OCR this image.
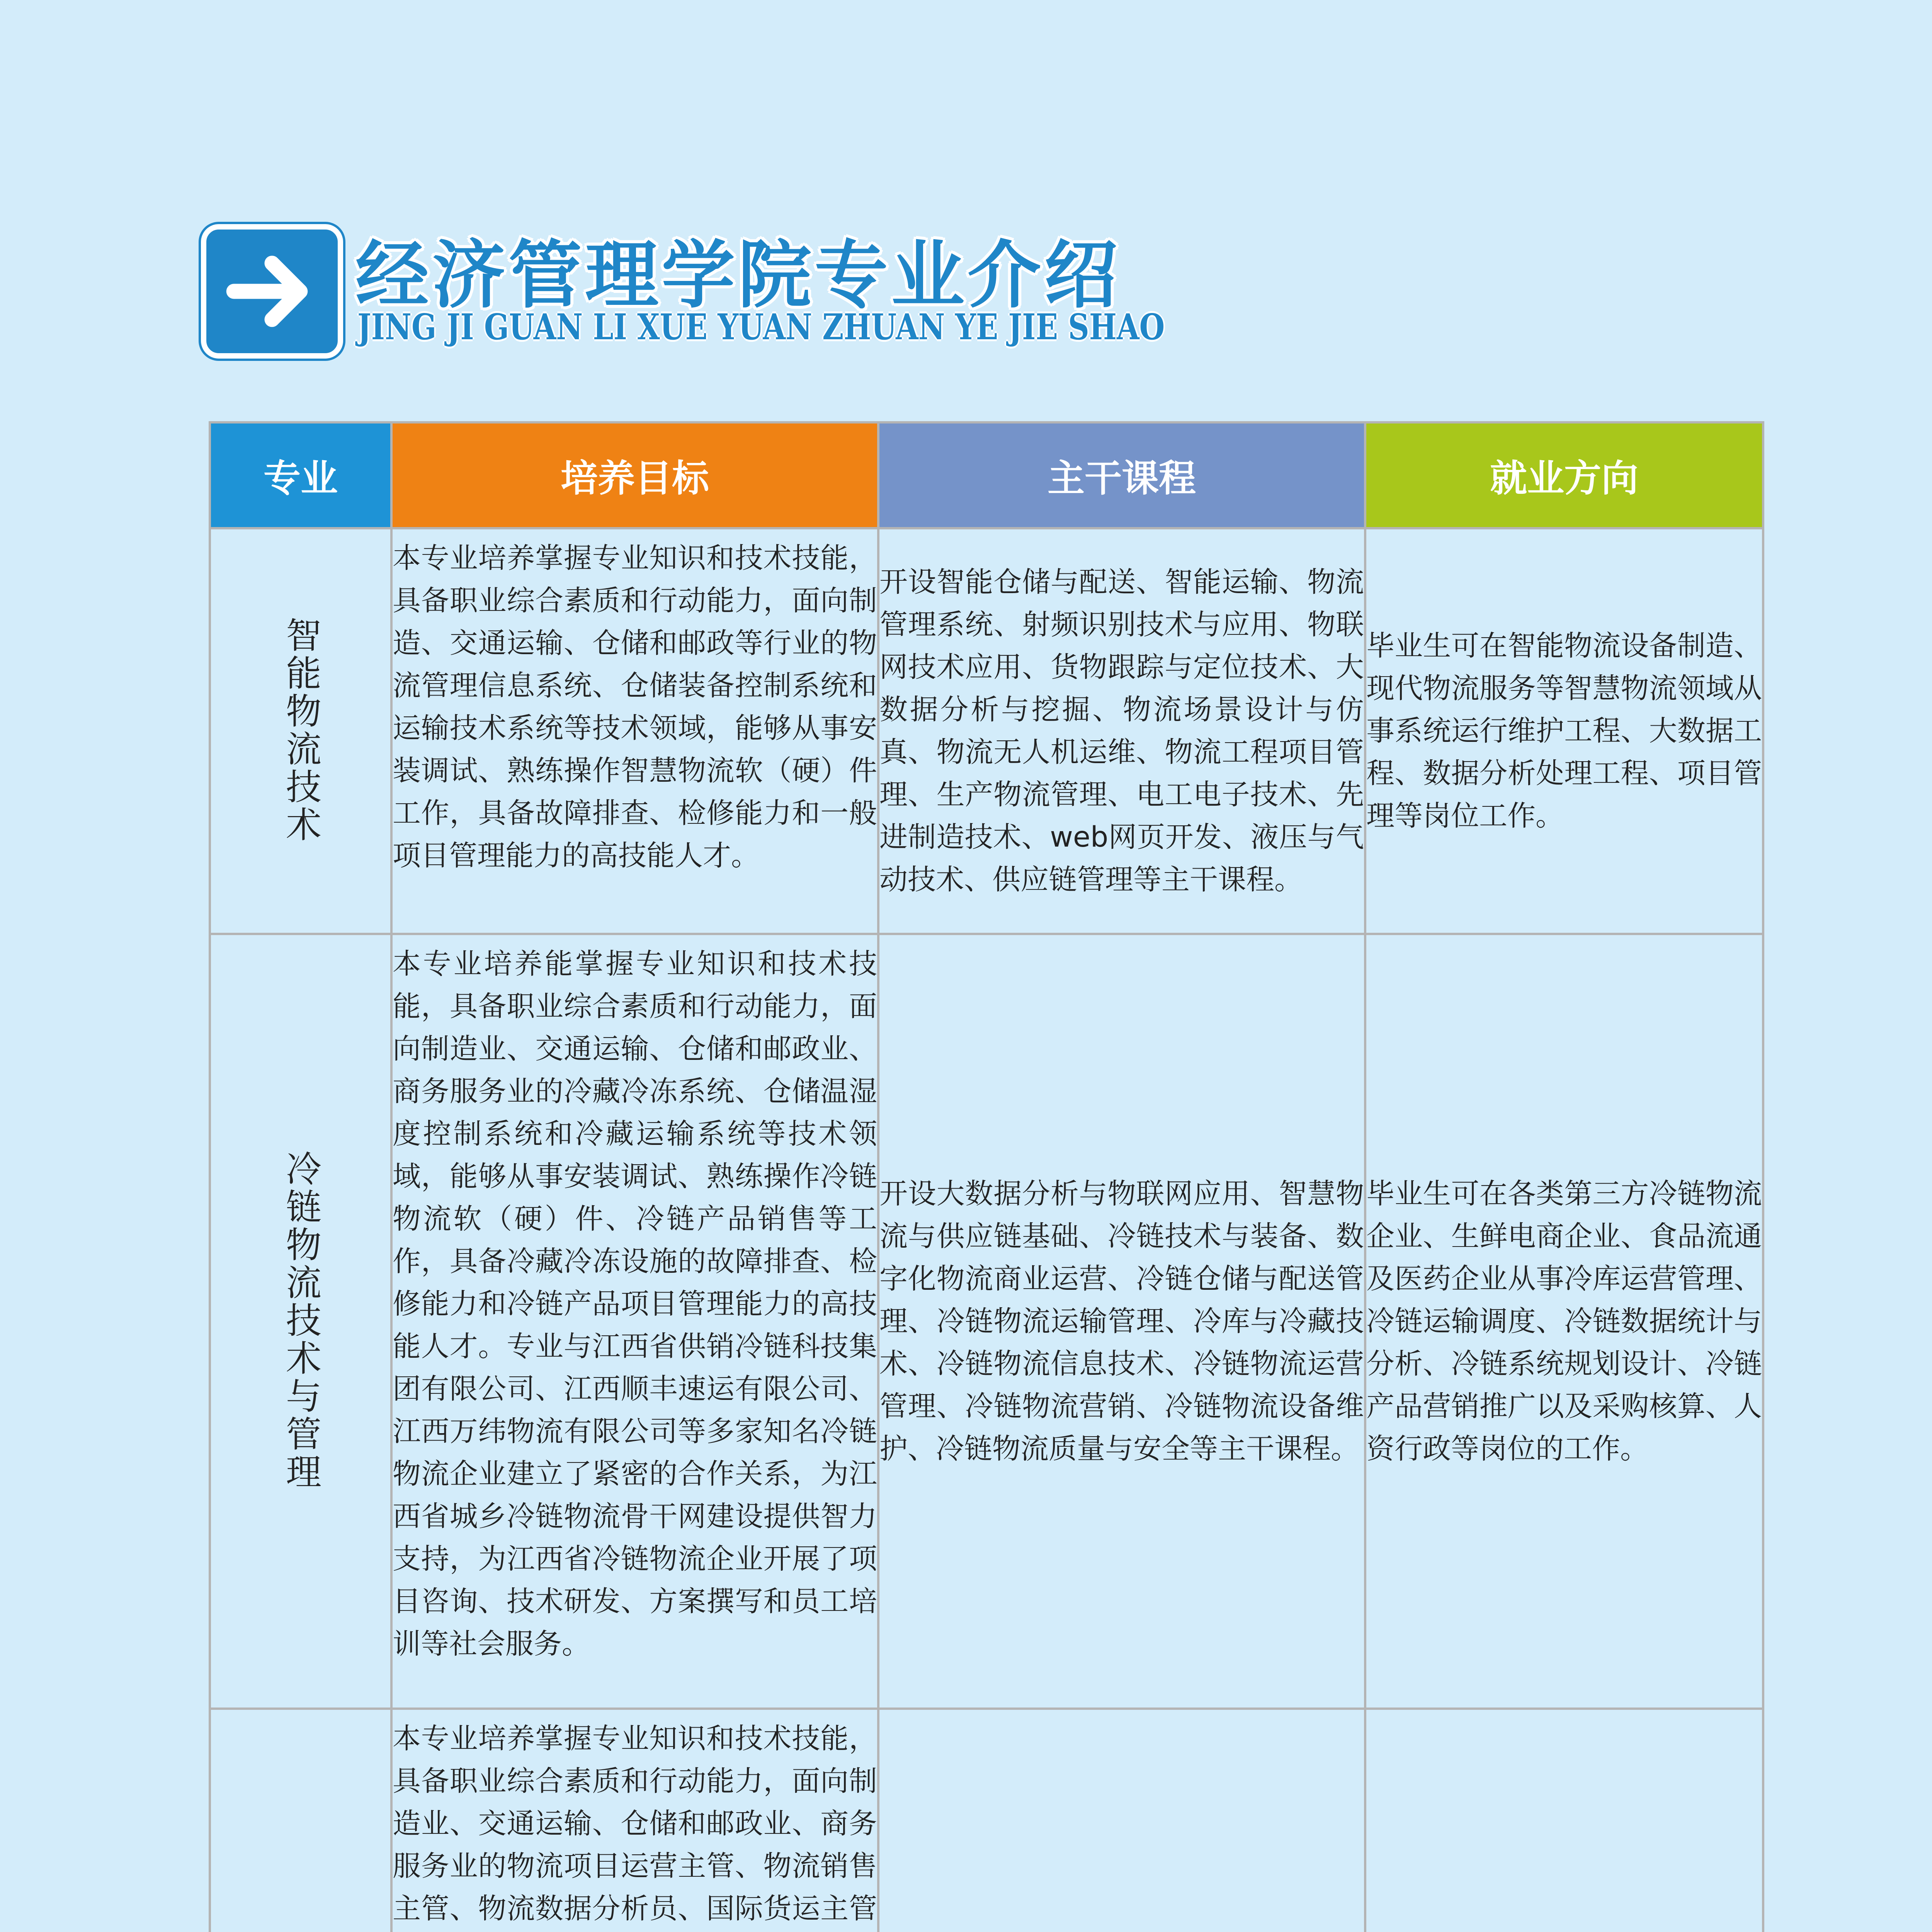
经济管理学院专业介绍
JING JI GUAN LI XUE YUAN ZHUAN YE JIE SHAO
专业	培养目标	主干课程	就业方向
智能物流技术	本专业培养掌握专业知识和技术技能，具备职业综合素质和行动能力，面向制造、交通运输、仓储和邮政等行业的物流管理信息系统、仓储装备控制系统和运输技术系统等技术领域，能够从事安装调试、熟练操作智慧物流软（硬）件工作，具备故障排查、检修能力和一般项目管理能力的高技能人才。	开设智能仓储与配送、智能运输、物流管理系统、射频识别技术与应用、物联网技术应用、货物跟踪与定位技术、大数据分析与挖掘、物流场景设计与仿真、物流无人机运维、物流工程项目管理、生产物流管理、电工电子技术、先进制造技术、web网页开发、液压与气动技术、供应链管理等主干课程。	毕业生可在智能物流设备制造、现代物流服务等智慧物流领域从事系统运行维护工程、大数据工程、数据分析处理工程、项目管理等岗位工作。
冷链物流技术与管理	本专业培养能掌握专业知识和技术技能，具备职业综合素质和行动能力，面向制造业、交通运输、仓储和邮政业、商务服务业的冷藏冷冻系统、仓储温湿度控制系统和冷藏运输系统等技术领域，能够从事安装调试、熟练操作冷链物流软（硬）件、冷链产品销售等工作，具备冷藏冷冻设施的故障排查、检修能力和冷链产品项目管理能力的高技能人才。专业与江西省供销冷链科技集团有限公司、江西顺丰速运有限公司、江西万纬物流有限公司等多家知名冷链物流企业建立了紧密的合作关系，为江西省城乡冷链物流骨干网建设提供智力支持，为江西省冷链物流企业开展了项目咨询、技术研发、方案撰写和员工培训等社会服务。	开设大数据分析与物联网应用、智慧物流与供应链基础、冷链技术与装备、数字化物流商业运营、冷链仓储与配送管理、冷链物流运输管理、冷库与冷藏技术、冷链物流信息技术、冷链物流运营管理、冷链物流营销、冷链物流设备维护、冷链物流质量与安全等主干课程。	毕业生可在各类第三方冷链物流企业、生鲜电商企业、食品流通及医药企业从事冷库运营管理、冷链运输调度、冷链数据统计与分析、冷链系统规划设计、冷链产品营销推广以及采购核算、人资行政等岗位的工作。
	本专业培养掌握专业知识和技术技能，具备职业综合素质和行动能力，面向制造业、交通运输、仓储和邮政业、商务服务业的物流项目运营主管、物流销售主管、物流数据分析员、国际货运主管		
